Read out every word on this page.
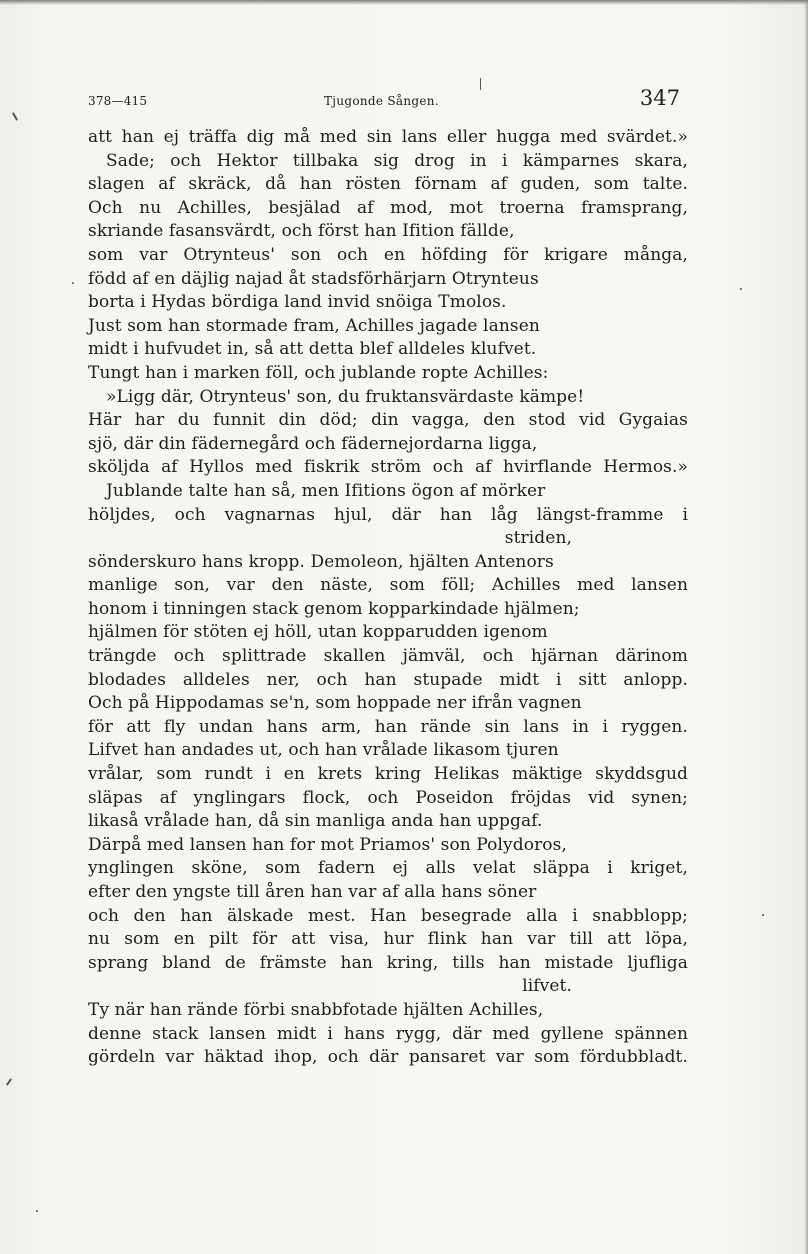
378—415	Tjugonde Sången.	347
att han ej träffa dig må med sin lans eller hugga med svärdet.»
Sade; och Hektor tillbaka sig drog in i kämparnes skara,
slagen af skräck, då han rösten förnam af guden, som talte.
Och nu Achilles, besjälad af mod, mot troerna framsprang,
skriande fasansvärdt, och först han Ifition fällde,
som var Otrynteus' son och en höfding för krigare många,
född af en däjlig najad åt stadsförhärjarn Otrynteus
borta i Hydas bördiga land invid snöiga Tmolos.
Just som han stormade fram, Achilles jagade lansen
midt i hufvudet in, så att detta blef alldeles klufvet.
Tungt han i marken föll, och jublande ropte Achilles:
»Ligg där, Otrynteus' son, du fruktansvärdaste kämpe!
Här har du funnit din död; din vagga, den stod vid Gygaias
sjö, där din fädernegård och fädernejordarna ligga,
sköljda af Hyllos med fiskrik ström och af hvirflande Hermos.»
Jublande talte han så, men Ifitions ögon af mörker
höljdes, och vagnarnas hjul, där han låg längst-framme i
striden,
sönderskuro hans kropp. Demoleon, hjälten Antenors
manlige son, var den näste, som föll; Achilles med lansen
honom i tinningen stack genom kopparkindade hjälmen;
hjälmen för stöten ej höll, utan kopparudden igenom
trängde och splittrade skallen jämväl, och hjärnan därinom
blodades alldeles ner, och han stupade midt i sitt anlopp.
Och på Hippodamas se'n, som hoppade ner ifrån vagnen
för att fly undan hans arm, han rände sin lans in i ryggen.
Lifvet han andades ut, och han vrålade likasom tjuren
vrålar, som rundt i en krets kring Helikas mäktige skyddsgud
släpas af ynglingars flock, och Poseidon fröjdas vid synen;
likaså vrålade han, då sin manliga anda han uppgaf.
Därpå med lansen han for mot Priamos' son Polydoros,
ynglingen sköne, som fadern ej alls velat släppa i kriget,
efter den yngste till åren han var af alla hans söner
och den han älskade mest. Han besegrade alla i snabblopp;
nu som en pilt för att visa, hur flink han var till att löpa,
sprang bland de främste han kring, tills han mistade ljufliga
lifvet.
Ty när han rände förbi snabbfotade hjälten Achilles,
denne stack lansen midt i hans rygg, där med gyllene spännen
gördeln var häktad ihop, och där pansaret var som fördubbladt.
